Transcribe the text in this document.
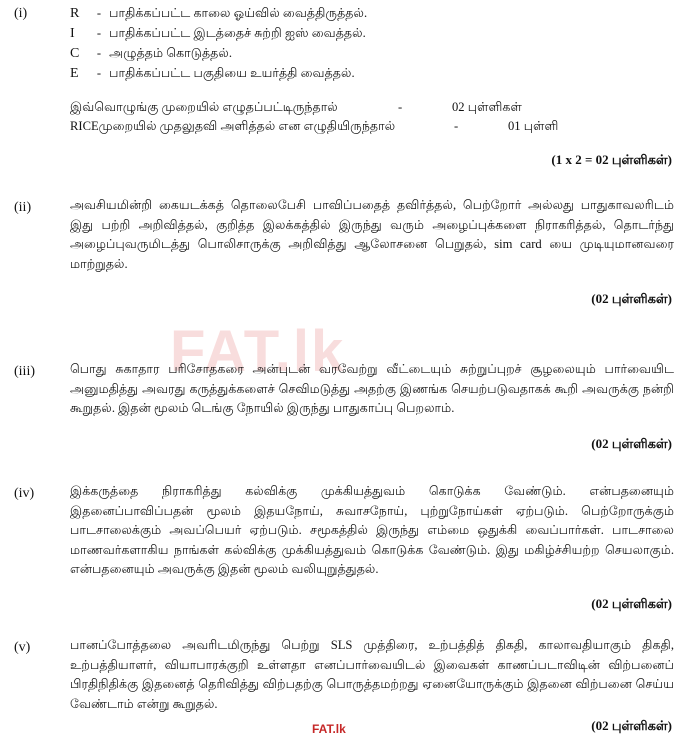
FAT.lk
(i)	R - பாதிக்கப்பட்ட காலை ஓய்வில் வைத்திருத்தல்.
I - பாதிக்கப்பட்ட இடத்தைச் சுற்றி ஐஸ் வைத்தல்.
C - அழுத்தம் கொடுத்தல்.
E - பாதிக்கப்பட்ட பகுதியை உயர்த்தி வைத்தல்.
இவ்வொழுங்கு முறையில் எழுதப்பட்டிருந்தால்	-	02 புள்ளிகள்
RICEமுறையில் முதலுதவி அளித்தல் என எழுதியிருந்தால்	-	01 புள்ளி
(1 x 2 = 02 புள்ளிகள்)
(ii)	அவசியமின்றி கையடக்கத் தொலைபேசி பாவிப்பதைத் தவிர்த்தல், பெற்றோர் அல்லது பாதுகாவலரிடம் இது பற்றி அறிவித்தல், குறித்த இலக்கத்தில் இருந்து வரும் அழைப்புக்களை நிராகரித்தல், தொடர்ந்து அழைப்புவருமிடத்து பொலிசாருக்கு அறிவித்து ஆலோசனை பெறுதல், sim card யை முடியுமானவரை மாற்றுதல்.
(02 புள்ளிகள்)
(iii)	பொது சுகாதார பரிசோதகரை அன்புடன் வரவேற்று வீட்டையும் சுற்றுப்புறச் சூழலையும் பார்வையிட அனுமதித்து அவரது கருத்துக்களைச் செவிமடுத்து அதற்கு இணங்க செயற்படுவதாகக் கூறி அவருக்கு நன்றி கூறுதல். இதன் மூலம் டெங்கு நோயில் இருந்து பாதுகாப்பு பெறலாம்.
(02 புள்ளிகள்)
(iv)	இக்கருத்தை நிராகரித்து கல்விக்கு முக்கியத்துவம் கொடுக்க வேண்டும். என்பதனையும் இதனைப்பாவிப்பதன் மூலம் இதயநோய், சுவாசநோய், புற்றுநோய்கள் ஏற்படும். பெற்றோருக்கும் பாடசாலைக்கும் அவப்பெயர் ஏற்படும். சமூகத்தில் இருந்து எம்மை ஒதுக்கி வைப்பார்கள். பாடசாலை மாணவர்களாகிய நாங்கள் கல்விக்கு முக்கியத்துவம் கொடுக்க வேண்டும். இது மகிழ்ச்சியற்ற செயலாகும். என்பதனையும் அவருக்கு இதன் மூலம் வலியுறுத்துதல்.
(02 புள்ளிகள்)
(v)	பானப்போத்தலை அவரிடமிருந்து பெற்று SLS முத்திரை, உற்பத்தித் திகதி, காலாவதியாகும் திகதி, உற்பத்தியாளர், வியாபாரக்குறி உள்ளதா எனப்பார்வையிடல் இவைகள் காணப்படாவிடின் விற்பனைப் பிரதிநிதிக்கு இதனைத் தெரிவித்து விற்பதற்கு பொருத்தமற்றது ஏனையோருக்கும் இதனை விற்பனை செய்ய வேண்டாம் என்று கூறுதல்.
(02 புள்ளிகள்)
FAT.lk
